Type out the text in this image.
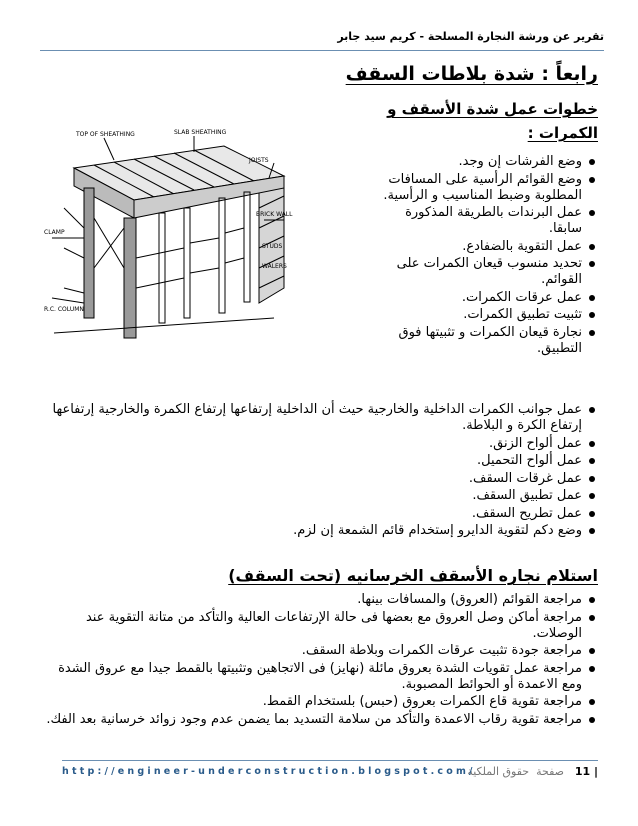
تقرير عن ورشة النجارة المسلحة - كريم سيد جابر
رابعاً : شدة بلاطات السقف
خطوات عمل شدة الأسقف و
الكمرات :
TOP OF SHEATHING	SLAB SHEATHING
JOISTS
CLAMP
R.C. COLUMN
BRICK WALL
STUDS
WALERS
وضع الفرشات إن وجد.
وضع القوائم الرأسية على المسافات المطلوبة وضبط المناسيب و الرأسية.
عمل البرندات بالطريقة المذكورة سابقا.
عمل التقوية بالضفادع.
تحديد منسوب قيعان الكمرات على القوائم.
عمل عرقات الكمرات.
تثبيت تطبيق الكمرات.
نجارة قيعان الكمرات و تثبيتها فوق التطبيق.
عمل جوانب الكمرات الداخلية والخارجية حيث أن الداخلية إرتفاعها إرتفاع الكمرة والخارجية إرتفاعها إرتفاع الكرة و البلاطة.
عمل ألواح الزنق.
عمل ألواح التحميل.
عمل غرقات السقف.
عمل تطبيق السقف.
عمل تطريح السقف.
وضع دكم لتقوية الدايرو إستخدام قائم الشمعة إن لزم.
استلام نجاره الأسقف الخرسانيه (تحت السقف)
مراجعة القوائم (العروق) والمسافات بينها.
مراجعة أماكن وصل العروق مع بعضها فى حالة الإرتفاعات العالية والتأكد من متانة التقوية عند الوصلات.
مراجعة جودة تثبيت عرقات الكمرات وبلاطة السقف.
مراجعة عمل تقويات الشدة بعروق مائلة (نهايز) فى الاتجاهين وتثبيتها بالقمط جيدا مع عروق الشدة ومع الاعمدة أو الحوائط المصبوبة.
مراجعة تقوية قاع الكمرات بعروق (حبس) بلستخدام القمط.
مراجعة تقوية رقاب الاعمدة والتأكد من سلامة التسديد بما يضمن عدم وجود زوائد خرسانية بعد الفك.
11 |
صفحة  حقوق الملكية
http://engineer-underconstruction.blogspot.com/
